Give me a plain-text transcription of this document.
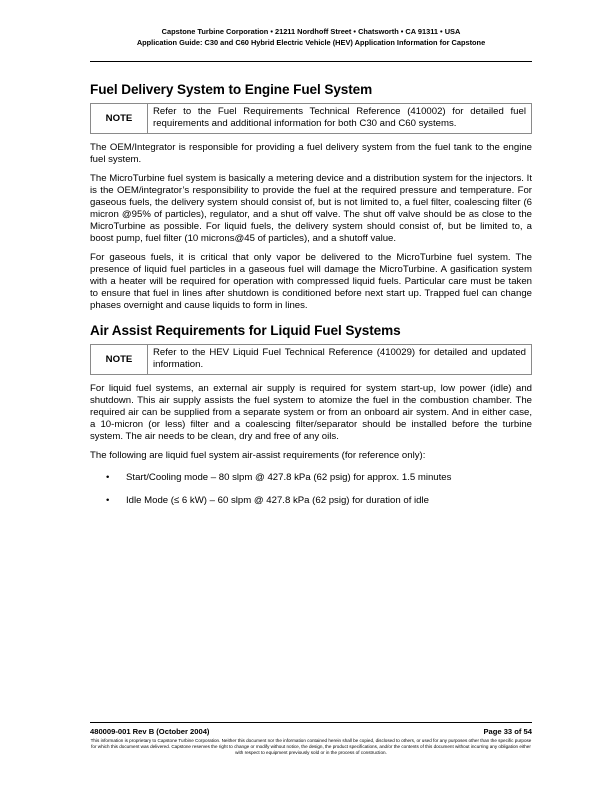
Capstone Turbine Corporation • 21211 Nordhoff Street • Chatsworth • CA 91311 • USA
Application Guide: C30 and C60 Hybrid Electric Vehicle (HEV) Application Information for Capstone
Fuel Delivery System to Engine Fuel System
NOTE
Refer to the Fuel Requirements Technical Reference (410002) for detailed fuel requirements and additional information for both C30 and C60 systems.

The OEM/Integrator is responsible for providing a fuel delivery system from the fuel tank to the engine fuel system.

The MicroTurbine fuel system is basically a metering device and a distribution system for the injectors. It is the OEM/integrator’s responsibility to provide the fuel at the required pressure and temperature. For gaseous fuels, the delivery system should consist of, but is not limited to, a fuel filter, coalescing filter (6 micron @95% of particles), regulator, and a shut off valve. The shut off valve should be as close to the MicroTurbine as possible. For liquid fuels, the delivery system should consist of, but be limited to, a boost pump, fuel filter (10 microns@45 of particles), and a shutoff value.

For gaseous fuels, it is critical that only vapor be delivered to the MicroTurbine fuel system. The presence of liquid fuel particles in a gaseous fuel will damage the MicroTurbine. A gasification system with a heater will be required for operation with compressed liquid fuels. Particular care must be taken to ensure that fuel in lines after shutdown is conditioned before next start up. Trapped fuel can change phases overnight and cause liquids to form in lines.

Air Assist Requirements for Liquid Fuel Systems
NOTE
Refer to the HEV Liquid Fuel Technical Reference (410029) for detailed and updated information.

For liquid fuel systems, an external air supply is required for system start-up, low power (idle) and shutdown. This air supply assists the fuel system to atomize the fuel in the combustion chamber. The required air can be supplied from a separate system or from an onboard air system. And in either case, a 10-micron (or less) filter and a coalescing filter/separator should be installed before the turbine system. The air needs to be clean, dry and free of any oils.

The following are liquid fuel system air-assist requirements (for reference only):

• Start/Cooling mode – 80 slpm @ 427.8 kPa (62 psig) for approx. 1.5 minutes
• Idle Mode (≤ 6 kW) – 60 slpm @ 427.8 kPa (62 psig) for duration of idle
480009-001 Rev B (October 2004)	Page 33 of 54
This information is proprietary to Capstone Turbine Corporation. Neither this document nor the information contained herein shall be copied, disclosed to others, or used for any purposes other than the specific purpose for which this document was delivered. Capstone reserves the right to change or modify without notice, the design, the product specifications, and/or the contents of this document without incurring any obligation either with respect to equipment previously sold or in the process of construction.
